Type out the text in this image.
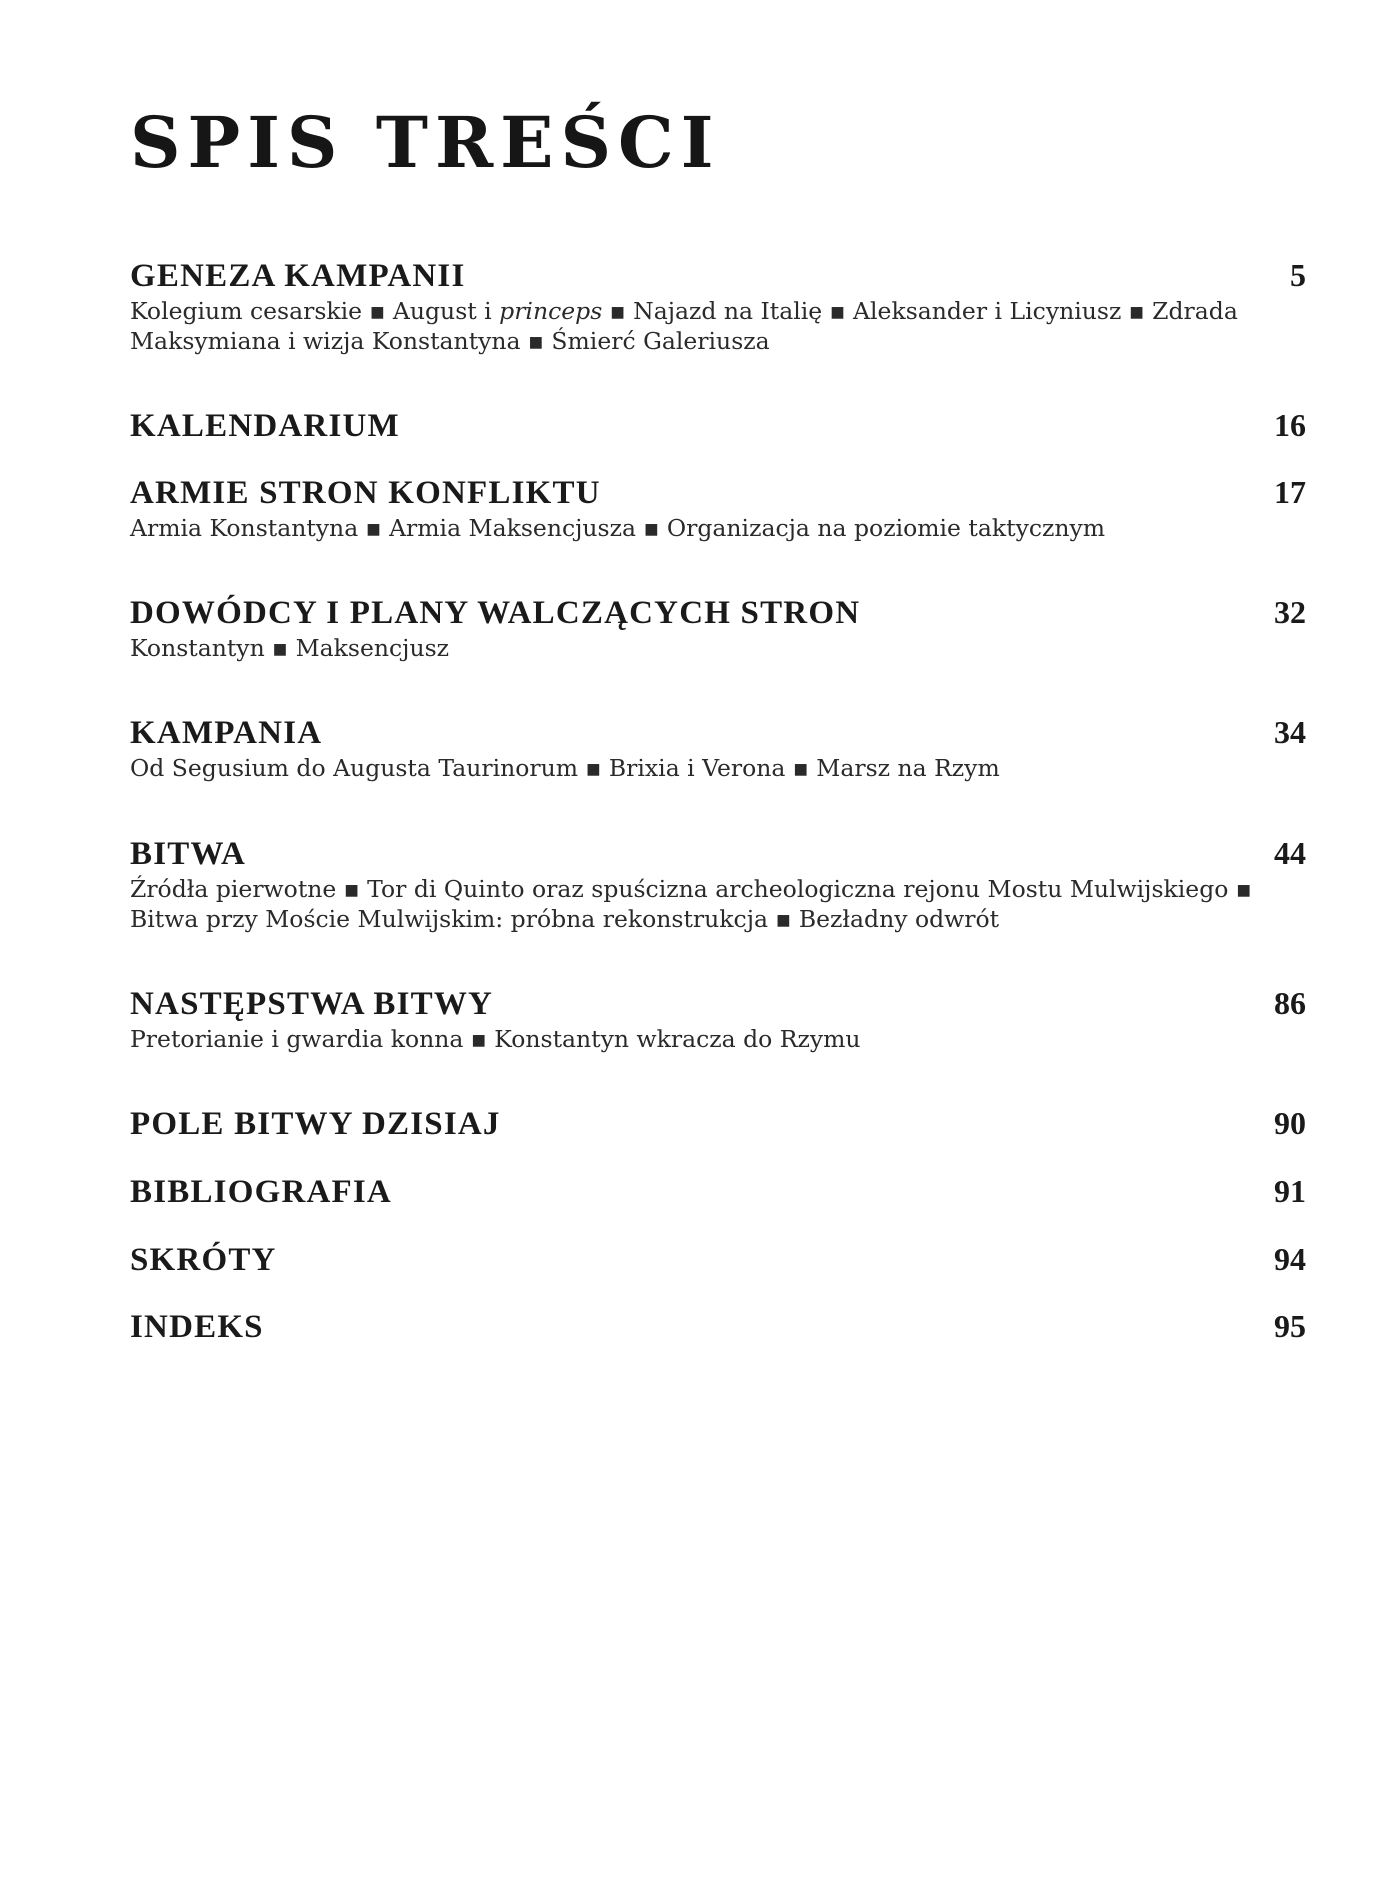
SPIS TREŚCI
GENEZA KAMPANII	5
Kolegium cesarskie ▪ August i princeps ▪ Najazd na Italię ▪ Aleksander i Licyniusz ▪ Zdrada Maksymiana i wizja Konstantyna ▪ Śmierć Galeriusza
KALENDARIUM	16
ARMIE STRON KONFLIKTU	17
Armia Konstantyna ▪ Armia Maksencjusza ▪ Organizacja na poziomie taktycznym
DOWÓDCY I PLANY WALCZĄCYCH STRON	32
Konstantyn ▪ Maksencjusz
KAMPANIA	34
Od Segusium do Augusta Taurinorum ▪ Brixia i Verona ▪ Marsz na Rzym
BITWA	44
Źródła pierwotne ▪ Tor di Quinto oraz spuścizna archeologiczna rejonu Mostu Mulwijskiego ▪ Bitwa przy Moście Mulwijskim: próbna rekonstrukcja ▪ Bezładny odwrót
NASTĘPSTWA BITWY	86
Pretorianie i gwardia konna ▪ Konstantyn wkracza do Rzymu
POLE BITWY DZISIAJ	90
BIBLIOGRAFIA	91
SKRÓTY	94
INDEKS	95
